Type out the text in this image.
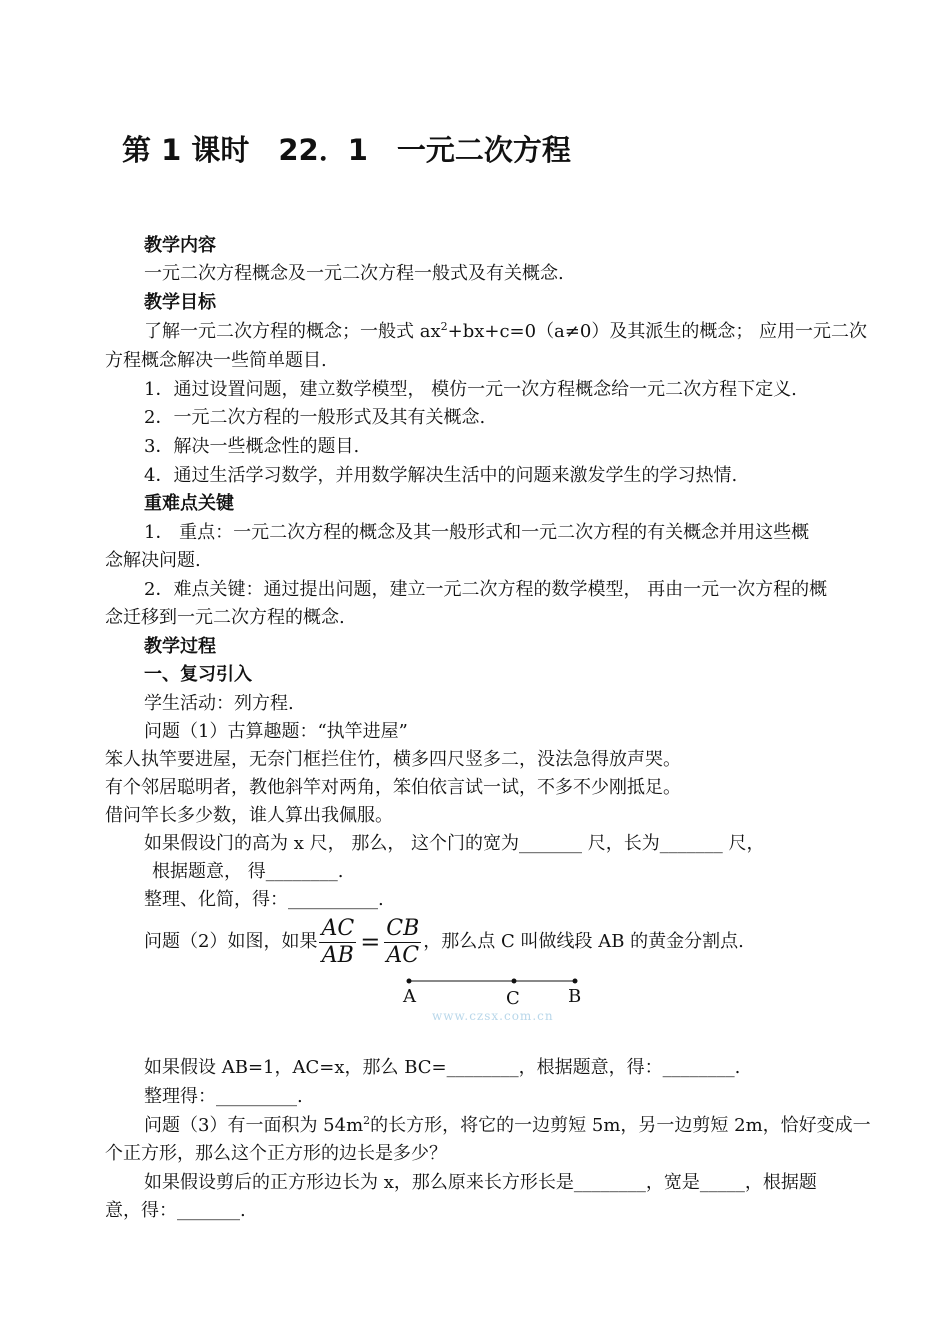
第 1 课时　22．1　一元二次方程
教学内容
一元二次方程概念及一元二次方程一般式及有关概念.
教学目标
了解一元二次方程的概念；一般式 $ax^2+bx+c=0(a\ne 0)$及其派生的概念； 应用一元二次
方程概念解决一些简单题目.
1．通过设置问题，建立数学模型， 模仿一元一次方程概念给一元二次方程下定义.
2．一元二次方程的一般形式及其有关概念.
3．解决一些概念性的题目.
4．通过生活学习数学，并用数学解决生活中的问题来激发学生的学习热情.
重难点关键
1． 重点：一元二次方程的概念及其一般形式和一元二次方程的有关概念并用这些概
念解决问题.
2．难点关键：通过提出问题，建立一元二次方程的数学模型， 再由一元一次方程的概
念迁移到一元二次方程的概念.
教学过程
一、复习引入
学生活动：列方程.
问题（1）古算趣题：“执竿进屋”
笨人执竿要进屋，无奈门框拦住竹，横多四尺竖多二，没法急得放声哭。
有个邻居聪明者，教他斜竿对两角，笨伯依言试一试，不多不少刚抵足。
借问竿长多少数，谁人算出我佩服。
如果假设门的高为 x 尺， 那么， 这个门的宽为_______ 尺，长为_______ 尺，
根据题意， 得________.
整理、化简，得：__________.
问题（2）如图，如果 $\frac{AC}{AB} = \frac{CB}{AC}$ ，那么点 C 叫做线段 AB 的黄金分割点.
A	C	B
www.czsx.com.cn
如果假设 AB=1，AC=x，那么 BC=________，根据题意，得：________.
整理得：_________.
问题（3）有一面积为 $54m^2$的长方形，将它的一边剪短 5m，另一边剪短 2m，恰好变成一
个正方形，那么这个正方形的边长是多少？
如果假设剪后的正方形边长为 x，那么原来长方形长是________，宽是_____，根据题
意，得：_______.
